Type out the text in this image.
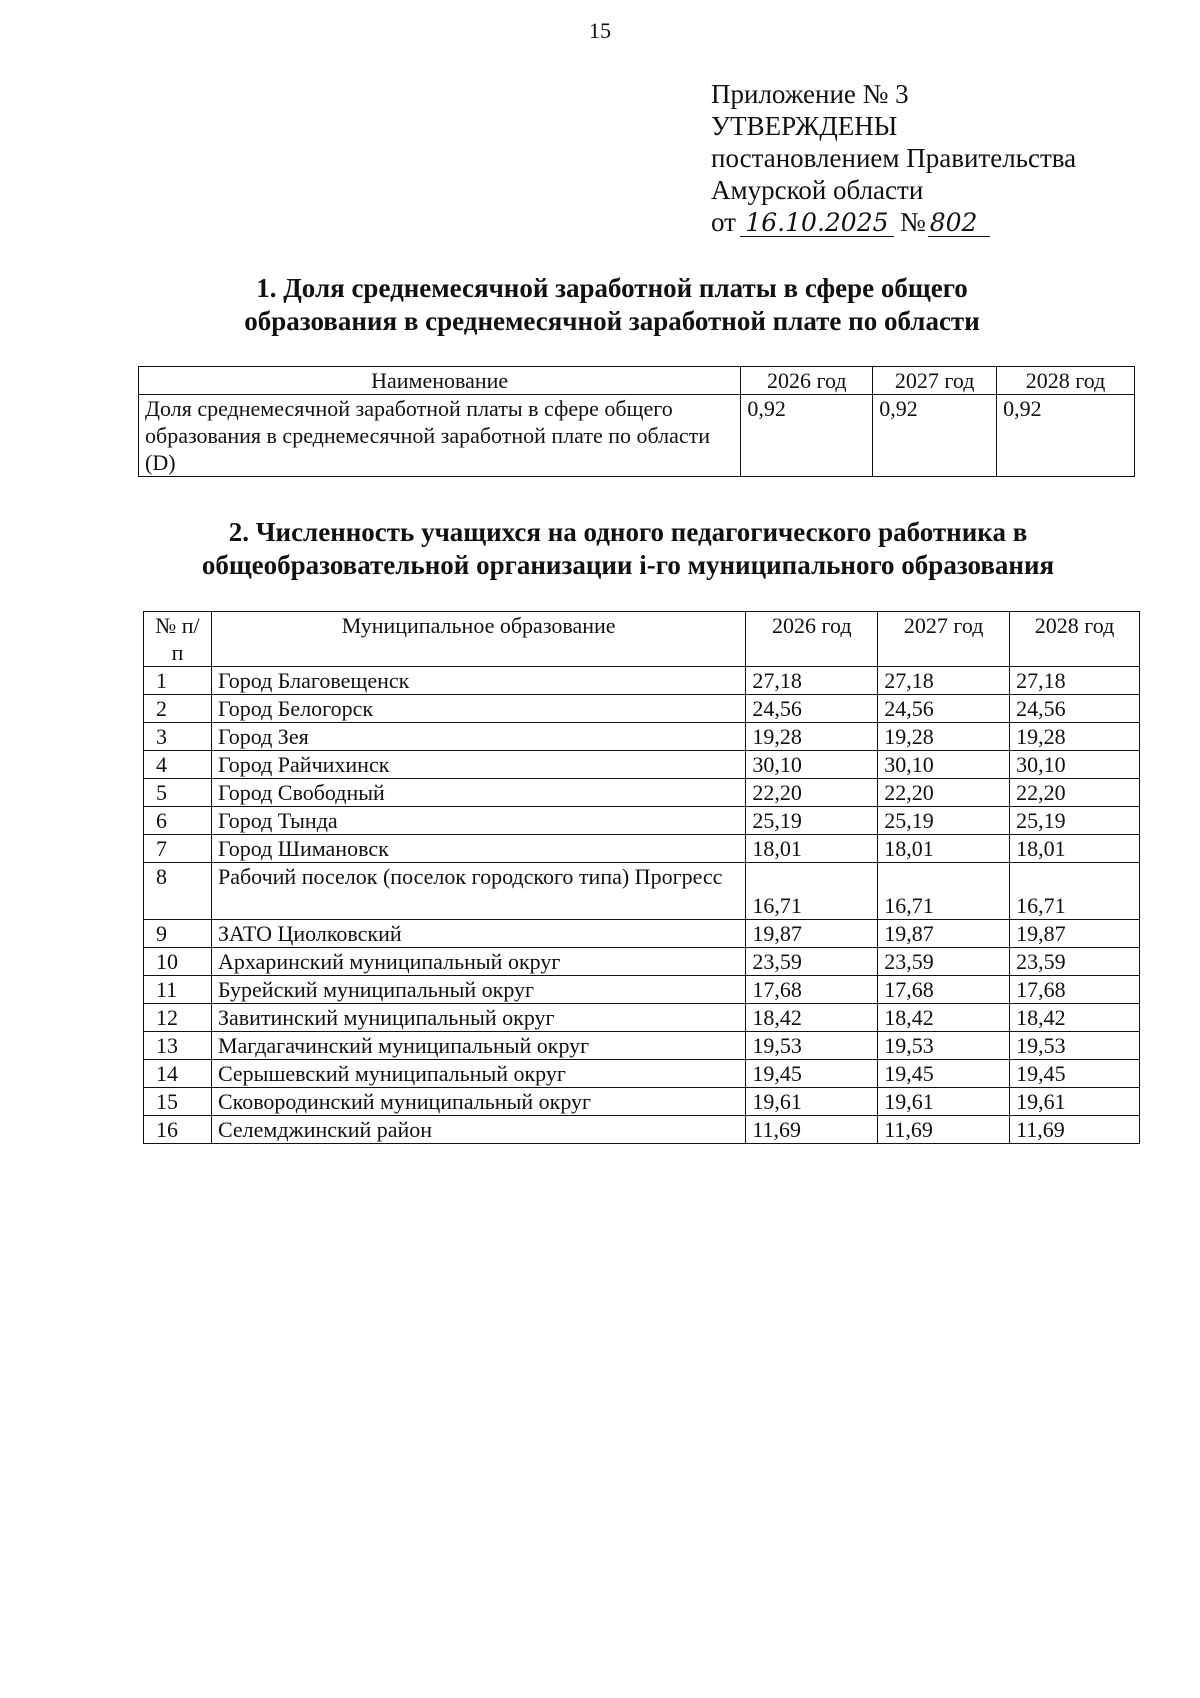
15
Приложение № 3
УТВЕРЖДЕНЫ
постановлением Правительства
Амурской области
от 16.10.2025 № 802
1. Доля среднемесячной заработной платы в сфере общего
образования в среднемесячной заработной плате по области
Наименование	2026 год	2027 год	2028 год
Доля среднемесячной заработной платы в сфере общего образования в среднемесячной заработной плате по области (D)	0,92	0,92	0,92
2. Численность учащихся на одного педагогического работника в
общеобразовательной организации i-го муниципального образования
№ п/п	Муниципальное образование	2026 год	2027 год	2028 год
1	Город Благовещенск	27,18	27,18	27,18
2	Город Белогорск	24,56	24,56	24,56
3	Город Зея	19,28	19,28	19,28
4	Город Райчихинск	30,10	30,10	30,10
5	Город Свободный	22,20	22,20	22,20
6	Город Тында	25,19	25,19	25,19
7	Город Шимановск	18,01	18,01	18,01
8	Рабочий поселок (поселок городского типа) Прогресс	16,71	16,71	16,71
9	ЗАТО Циолковский	19,87	19,87	19,87
10	Архаринский муниципальный округ	23,59	23,59	23,59
11	Бурейский муниципальный округ	17,68	17,68	17,68
12	Завитинский муниципальный округ	18,42	18,42	18,42
13	Магдагачинский муниципальный округ	19,53	19,53	19,53
14	Серышевский муниципальный округ	19,45	19,45	19,45
15	Сковородинский муниципальный округ	19,61	19,61	19,61
16	Селемджинский район	11,69	11,69	11,69
